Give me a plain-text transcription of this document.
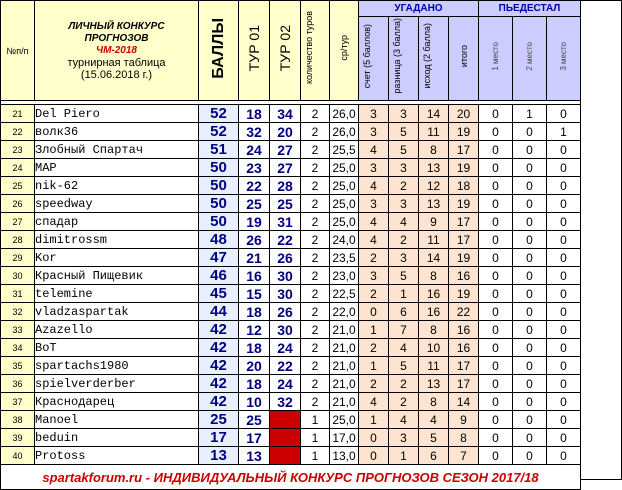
№п/п	ЛИЧНЫЙ КОНКУРС
ПРОГНОЗОВ
ЧМ-2018
турнирная таблица
(15.06.2018 г.)	БАЛЛЫ	ТУР 01	ТУР 02	количество туров	ср/тур	УГАДАНО				ПЬЕДЕСТАЛ		
							счет (5 баллов)	разница (3 балла)	исход (2 балла)	итого	1 место	2 место	3 место

21	Del Piero	52	18	34	2	26,0	3	3	14	20	0	1	0
22	волк36	52	32	20	2	26,0	3	5	11	19	0	0	1
23	Злобный Спартач	51	24	27	2	25,5	4	5	8	17	0	0	0
24	МАР	50	23	27	2	25,0	3	3	13	19	0	0	0
25	nik-62	50	22	28	2	25,0	4	2	12	18	0	0	0
26	speedway	50	25	25	2	25,0	3	3	13	19	0	0	0
27	спадар	50	19	31	2	25,0	4	4	9	17	0	0	0
28	dimitrossm	48	26	22	2	24,0	4	2	11	17	0	0	0
29	Kor	47	21	26	2	23,5	2	3	14	19	0	0	0
30	Красный Пищевик	46	16	30	2	23,0	3	5	8	16	0	0	0
31	telemine	45	15	30	2	22,5	2	1	16	19	0	0	0
32	vladzaspartak	44	18	26	2	22,0	0	6	16	22	0	0	0
33	Azazello	42	12	30	2	21,0	1	7	8	16	0	0	0
34	BoT	42	18	24	2	21,0	2	4	10	16	0	0	0
35	spartachs1980	42	20	22	2	21,0	1	5	11	17	0	0	0
36	spielverderber	42	18	24	2	21,0	2	2	13	17	0	0	0
37	Краснодарец	42	10	32	2	21,0	4	2	8	14	0	0	0
38	Manoel	25	25		1	25,0	1	4	4	9	0	0	0
39	beduin	17	17		1	17,0	0	3	5	8	0	0	0
40	Protoss	13	13		1	13,0	0	1	6	7	0	0	0
spartakforum.ru - ИНДИВИДУАЛЬНЫЙ КОНКУРС ПРОГНОЗОВ СЕЗОН 2017/18													
